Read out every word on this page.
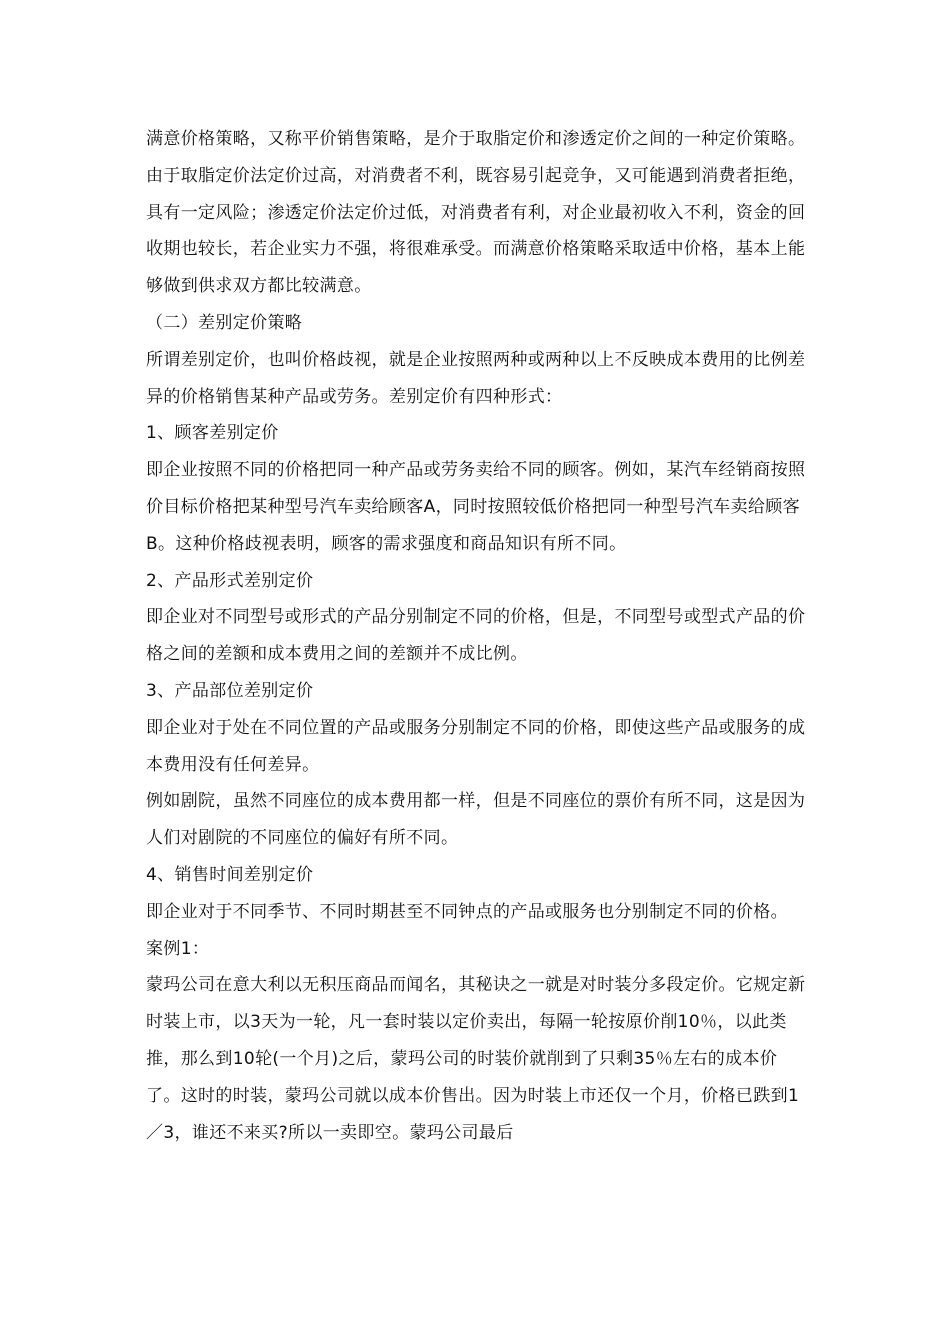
满意价格策略，又称平价销售策略，是介于取脂定价和渗透定价之间的一种定价策略。由于取脂定价法定价过高，对消费者不利，既容易引起竞争，又可能遇到消费者拒绝，具有一定风险；渗透定价法定价过低，对消费者有利，对企业最初收入不利，资金的回收期也较长，若企业实力不强，将很难承受。而满意价格策略采取适中价格，基本上能够做到供求双方都比较满意。

（二）差别定价策略

所谓差别定价，也叫价格歧视，就是企业按照两种或两种以上不反映成本费用的比例差异的价格销售某种产品或劳务。差别定价有四种形式：

1、顾客差别定价

即企业按照不同的价格把同一种产品或劳务卖给不同的顾客。例如，某汽车经销商按照价目标价格把某种型号汽车卖给顾客A，同时按照较低价格把同一种型号汽车卖给顾客B。这种价格歧视表明，顾客的需求强度和商品知识有所不同。

2、产品形式差别定价

即企业对不同型号或形式的产品分别制定不同的价格，但是，不同型号或型式产品的价格之间的差额和成本费用之间的差额并不成比例。

3、产品部位差别定价

即企业对于处在不同位置的产品或服务分别制定不同的价格，即使这些产品或服务的成本费用没有任何差异。

例如剧院，虽然不同座位的成本费用都一样，但是不同座位的票价有所不同，这是因为人们对剧院的不同座位的偏好有所不同。

4、销售时间差别定价

即企业对于不同季节、不同时期甚至不同钟点的产品或服务也分别制定不同的价格。

案例1：

蒙玛公司在意大利以无积压商品而闻名，其秘诀之一就是对时装分多段定价。它规定新时装上市，以3天为一轮，凡一套时装以定价卖出，每隔一轮按原价削10％，以此类推，那么到10轮(一个月)之后，蒙玛公司的时装价就削到了只剩35％左右的成本价了。这时的时装，蒙玛公司就以成本价售出。因为时装上市还仅一个月，价格已跌到1／3，谁还不来买?所以一卖即空。蒙玛公司最后
